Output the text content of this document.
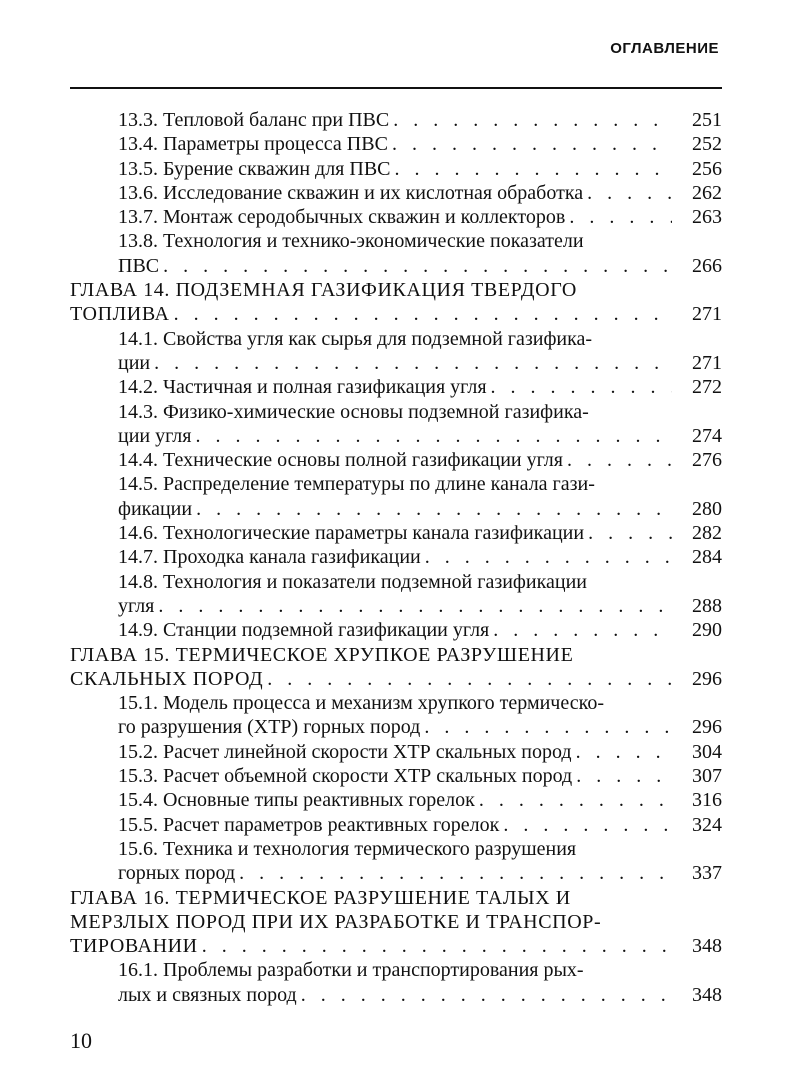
ОГЛАВЛЕНИЕ
13.3. Тепловой баланс при ПВС . . .	251
13.4. Параметры процесса ПВС . . .	252
13.5. Бурение скважин для ПВС . . .	256
13.6. Исследование скважин и их кислотная обработка . . .	262
13.7. Монтаж серодобычных скважин и коллекторов . . .	263
13.8. Технология и технико-экономические показатели
ПВС . . .	266
ГЛАВА 14. ПОДЗЕМНАЯ ГАЗИФИКАЦИЯ ТВЕРДОГО
ТОПЛИВА . . .	271
14.1. Свойства угля как сырья для подземной газифика-
ции . . .	271
14.2. Частичная и полная газификация угля . . .	272
14.3. Физико-химические основы подземной газифика-
ции угля . . .	274
14.4. Технические основы полной газификации угля . . .	276
14.5. Распределение температуры по длине канала гази-
фикации . . .	280
14.6. Технологические параметры канала газификации . . .	282
14.7. Проходка канала газификации . . .	284
14.8. Технология и показатели подземной газификации
угля . . .	288
14.9. Станции подземной газификации угля . . .	290
ГЛАВА 15. ТЕРМИЧЕСКОЕ ХРУПКОЕ РАЗРУШЕНИЕ
СКАЛЬНЫХ ПОРОД . . .	296
15.1. Модель процесса и механизм хрупкого термическо-
го разрушения (ХТР) горных пород . . .	296
15.2. Расчет линейной скорости ХТР скальных пород . . .	304
15.3. Расчет объемной скорости ХТР скальных пород . . .	307
15.4. Основные типы реактивных горелок . . .	316
15.5. Расчет параметров реактивных горелок . . .	324
15.6. Техника и технология термического разрушения
горных пород . . .	337
ГЛАВА 16. ТЕРМИЧЕСКОЕ РАЗРУШЕНИЕ ТАЛЫХ И
МЕРЗЛЫХ ПОРОД ПРИ ИХ РАЗРАБОТКЕ И ТРАНСПОР-
ТИРОВАНИИ . . .	348
16.1. Проблемы разработки и транспортирования рых-
лых и связных пород . . .	348
10
